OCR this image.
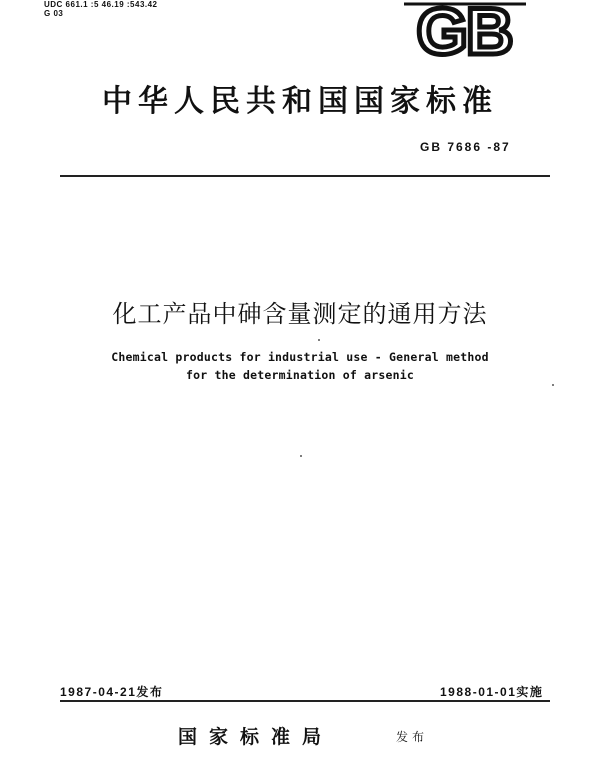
UDC 661.1 :5 46.19 :543.42
G 03	GB
中华人民共和国国家标准
GB 7686 -87
化工产品中砷含量测定的通用方法
Chemical products for industrial use - General method
for the determination of arsenic
1987-04-21发布	1988-01-01实施
国家标准局	发布
